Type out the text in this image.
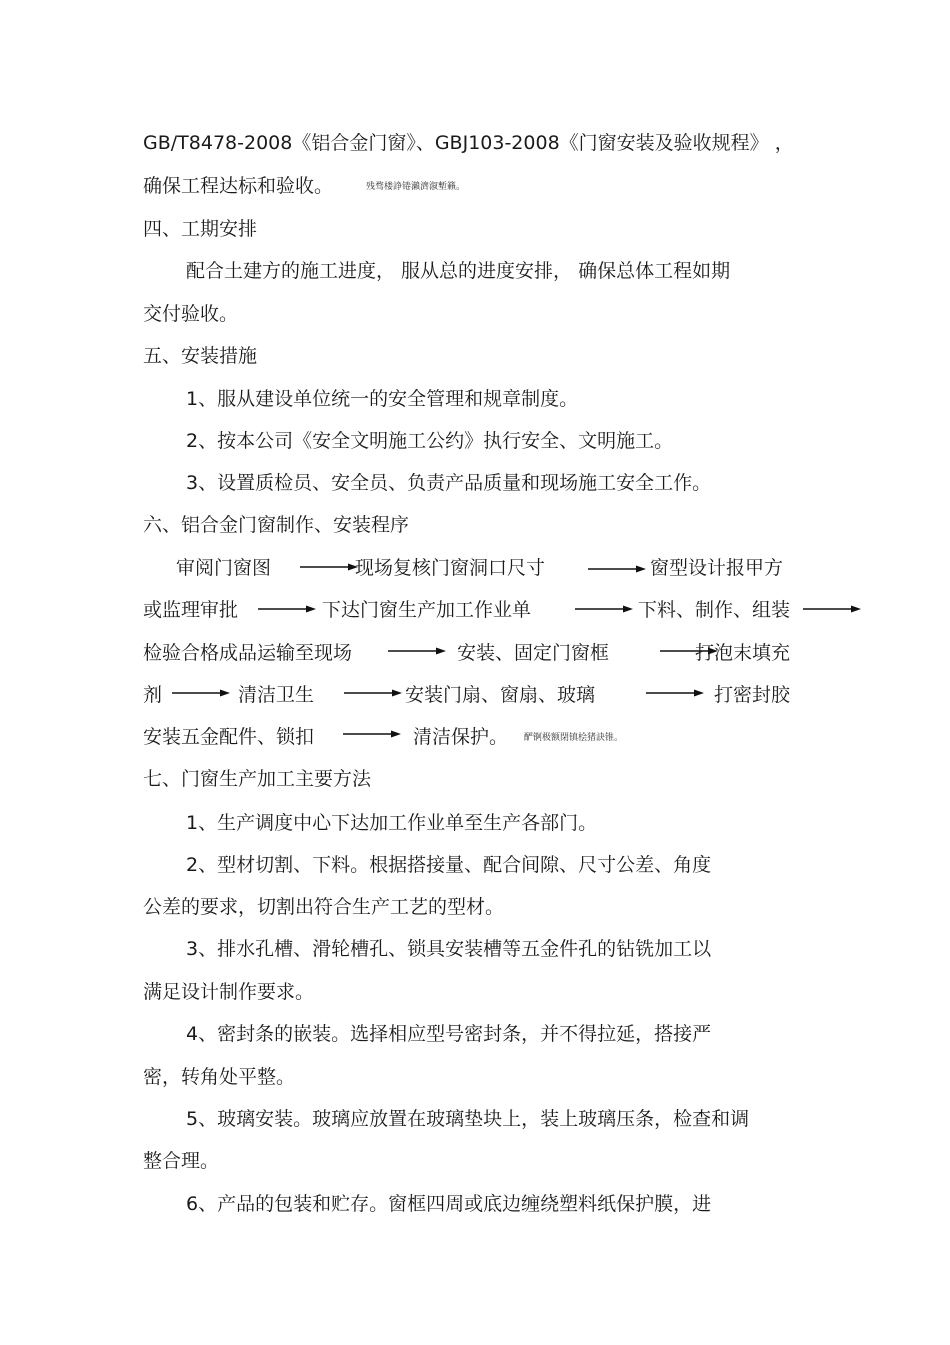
GB/T8478-2008《铝合金门窗》、GBJ103-2008《门窗安装及验收规程》 ，
确保工程达标和验收。	残骛楼諍锩瀨濟溆塹籟。
四、工期安排
配合土建方的施工进度， 服从总的进度安排， 确保总体工程如期
交付验收。
五、安装措施
1、服从建设单位统一的安全管理和规章制度。
2、按本公司《安全文明施工公约》执行安全、文明施工。
3、设置质检员、安全员、负责产品质量和现场施工安全工作。
六、铝合金门窗制作、安装程序
审阅门窗图	现场复核门窗洞口尺寸	窗型设计报甲方
或监理审批	下达门窗生产加工作业单	下料、制作、组装
检验合格成品运输至现场	安装、固定门窗框	打泡末填充
剂	清洁卫生	安装门扇、窗扇、玻璃	打密封胶
安装五金配件、锁扣	清洁保护。 酽锕极额閉镇桧猪訣锥。
七、门窗生产加工主要方法
1、生产调度中心下达加工作业单至生产各部门。
2、型材切割、下料。根据搭接量、配合间隙、尺寸公差、角度
公差的要求，切割出符合生产工艺的型材。
3、排水孔槽、滑轮槽孔、锁具安装槽等五金件孔的钻铣加工以
满足设计制作要求。
4、密封条的嵌装。选择相应型号密封条，并不得拉延，搭接严
密，转角处平整。
5、玻璃安装。玻璃应放置在玻璃垫块上，装上玻璃压条，检查和调
整合理。
6、产品的包装和贮存。窗框四周或底边缠绕塑料纸保护膜，进
